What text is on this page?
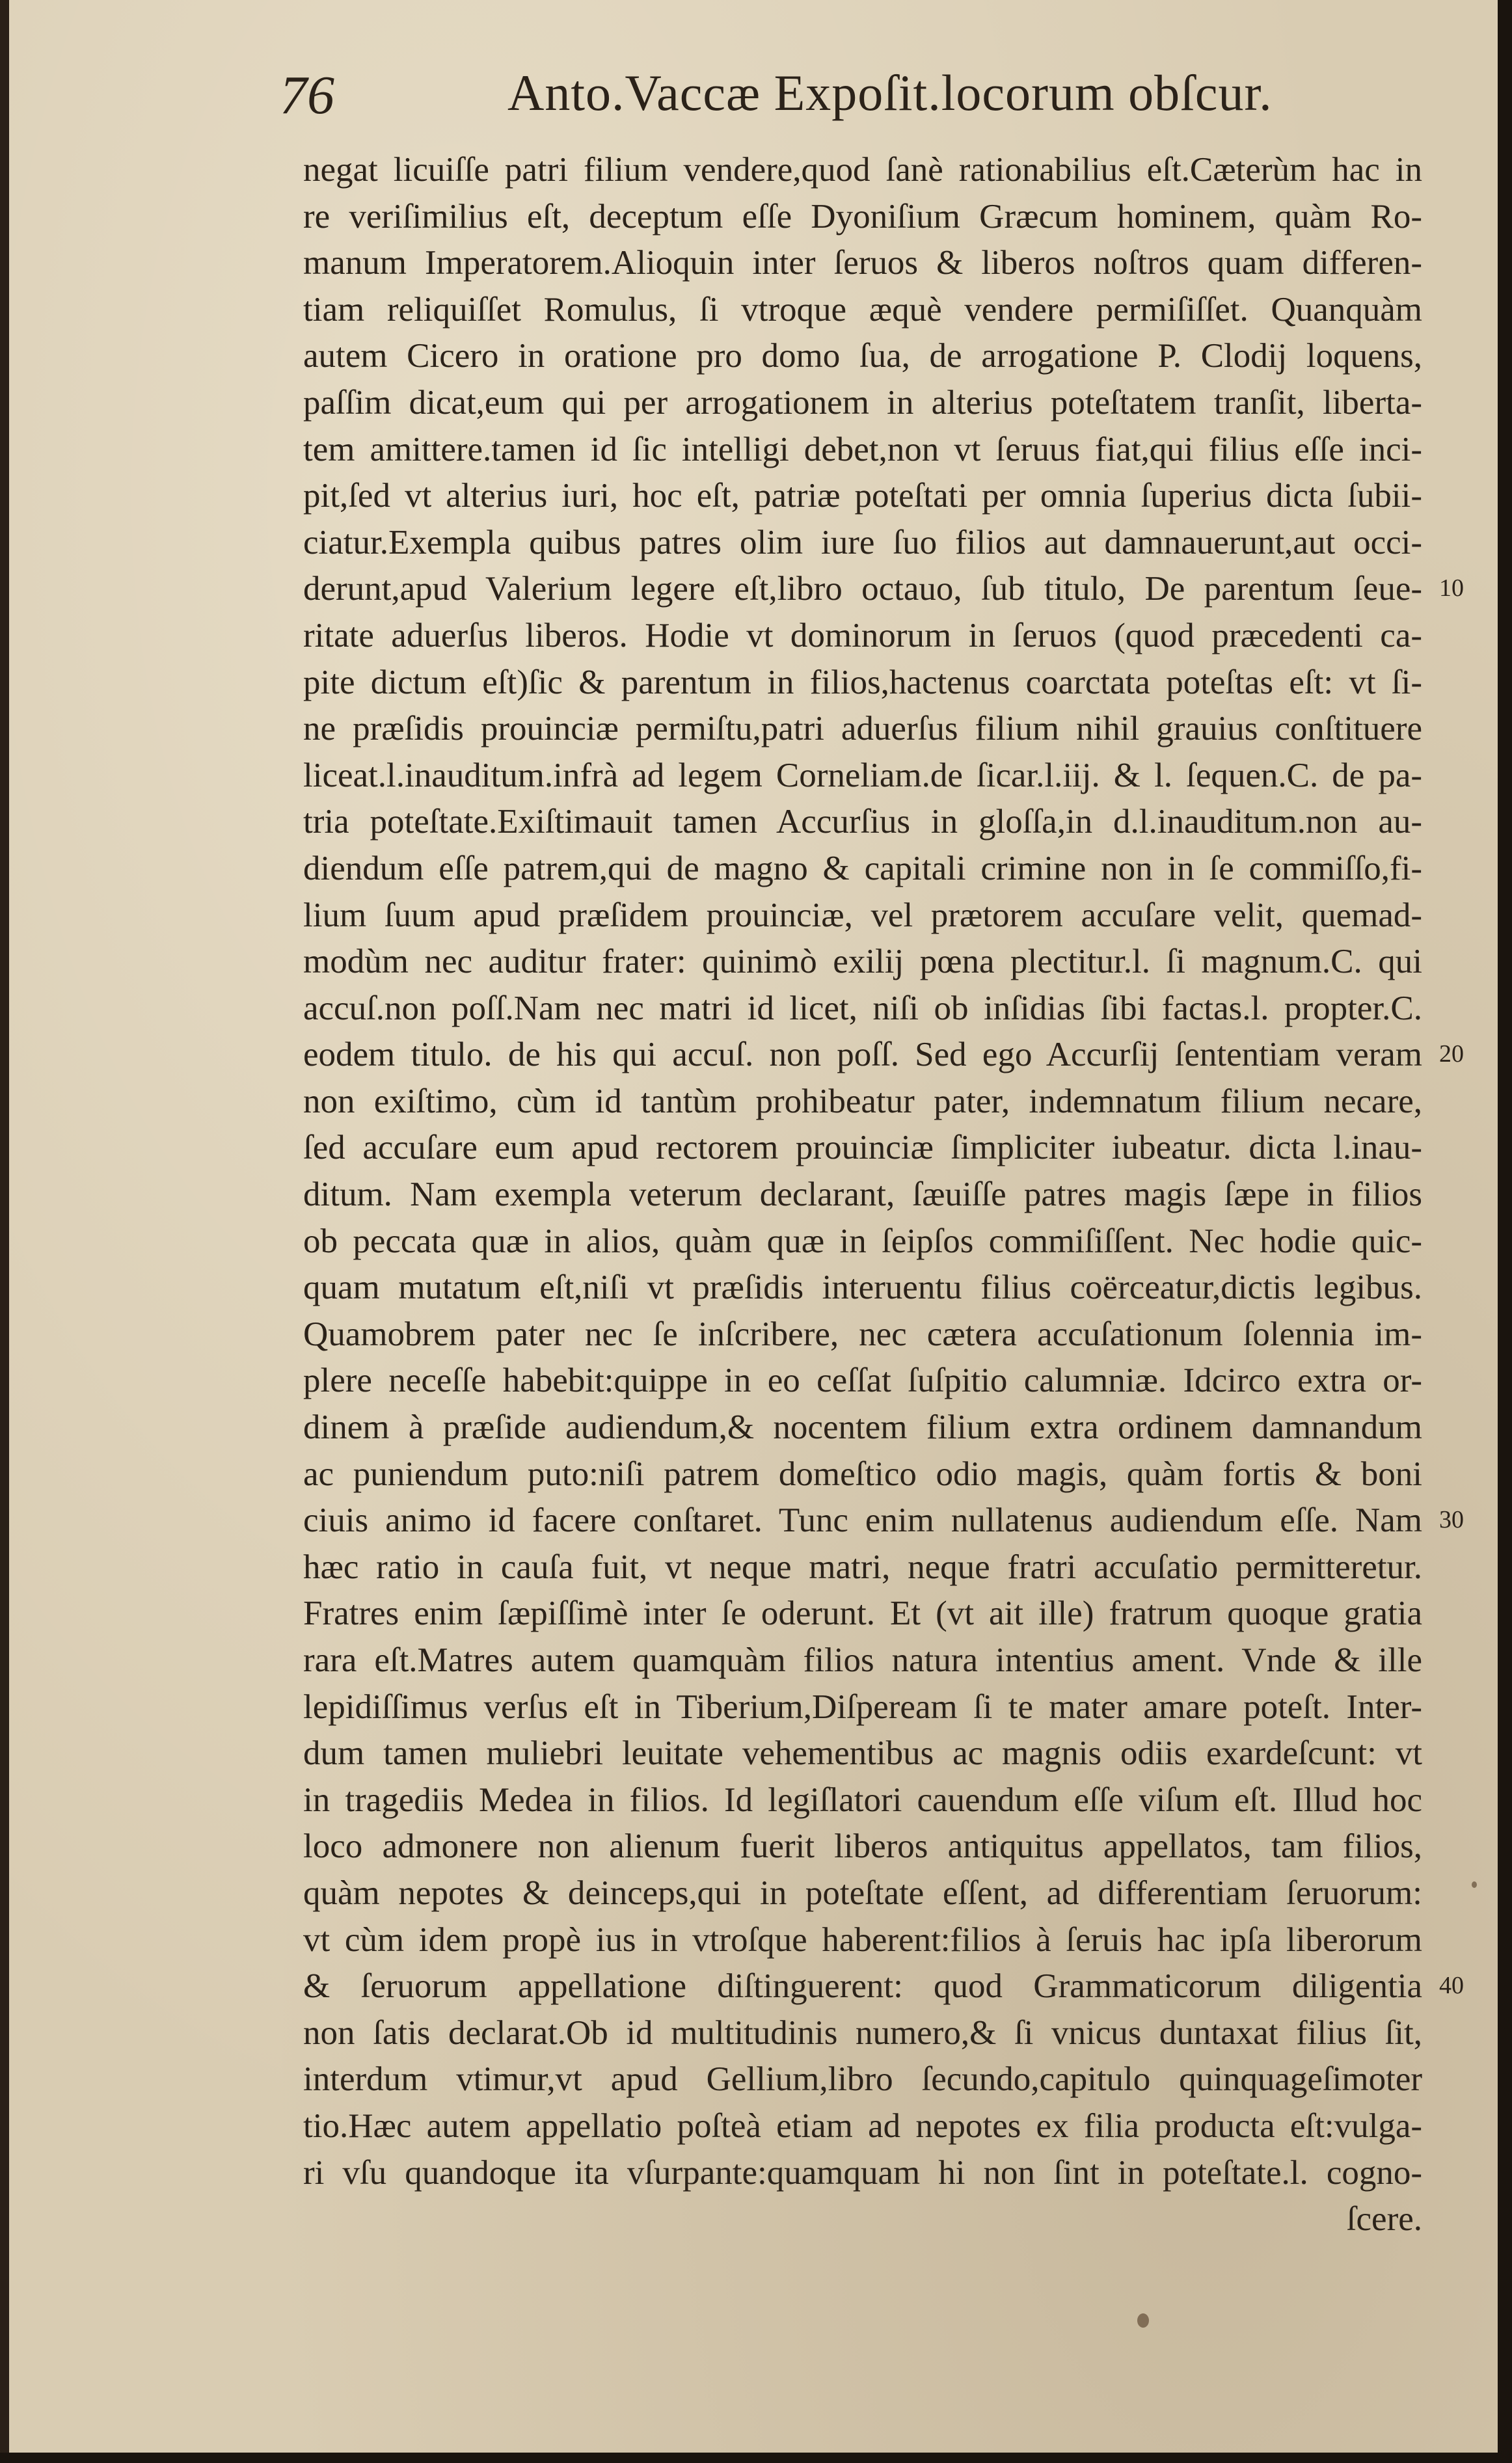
76	Anto.Vaccæ Expoſit.locorum obſcur.
negat licuiſſe patri filium vendere,quod ſanè rationabilius eſt.Cæterùm hac in
re veriſimilius eſt, deceptum eſſe Dyoniſium Græcum hominem, quàm Ro-
manum Imperatorem.Alioquin inter ſeruos & liberos noſtros quam differen-
tiam reliquiſſet Romulus, ſi vtroque æquè vendere permiſiſſet. Quanquàm
autem Cicero in oratione pro domo ſua, de arrogatione P. Clodij loquens,
paſſim dicat,eum qui per arrogationem in alterius poteſtatem tranſit, liberta-
tem amittere.tamen id ſic intelligi debet,non vt ſeruus fiat,qui filius eſſe inci-
pit,ſed vt alterius iuri, hoc eſt, patriæ poteſtati per omnia ſuperius dicta ſubii-
ciatur.Exempla quibus patres olim iure ſuo filios aut damnauerunt,aut occi-
derunt,apud Valerium legere eſt,libro octauo, ſub titulo, De parentum ſeue-
ritate aduerſus liberos. Hodie vt dominorum in ſeruos (quod præcedenti ca-
pite dictum eſt)ſic & parentum in filios,hactenus coarctata poteſtas eſt: vt ſi-
ne præſidis prouinciæ permiſtu,patri aduerſus filium nihil grauius conſtituere
liceat.l.inauditum.infrà ad legem Corneliam.de ſicar.l.iij. & l. ſequen.C. de pa-
tria poteſtate.Exiſtimauit tamen Accurſius in gloſſa,in d.l.inauditum.non au-
diendum eſſe patrem,qui de magno & capitali crimine non in ſe commiſſo,fi-
lium ſuum apud præſidem prouinciæ, vel prætorem accuſare velit, quemad-
modùm nec auditur frater: quinimò exilij pœna plectitur.l. ſi magnum.C. qui
accuſ.non poſſ.Nam nec matri id licet, niſi ob inſidias ſibi factas.l. propter.C.
eodem titulo. de his qui accuſ. non poſſ. Sed ego Accurſij ſententiam veram
non exiſtimo, cùm id tantùm prohibeatur pater, indemnatum filium necare,
ſed accuſare eum apud rectorem prouinciæ ſimpliciter iubeatur. dicta l.inau-
ditum. Nam exempla veterum declarant, ſæuiſſe patres magis ſæpe in filios
ob peccata quæ in alios, quàm quæ in ſeipſos commiſiſſent. Nec hodie quic-
quam mutatum eſt,niſi vt præſidis interuentu filius coërceatur,dictis legibus.
Quamobrem pater nec ſe inſcribere, nec cætera accuſationum ſolennia im-
plere neceſſe habebit:quippe in eo ceſſat ſuſpitio calumniæ. Idcirco extra or-
dinem à præſide audiendum,& nocentem filium extra ordinem damnandum
ac puniendum puto:niſi patrem domeſtico odio magis, quàm fortis & boni
ciuis animo id facere conſtaret. Tunc enim nullatenus audiendum eſſe. Nam
hæc ratio in cauſa fuit, vt neque matri, neque fratri accuſatio permitteretur.
Fratres enim ſæpiſſimè inter ſe oderunt. Et (vt ait ille) fratrum quoque gratia
rara eſt.Matres autem quamquàm filios natura intentius ament. Vnde & ille
lepidiſſimus verſus eſt in Tiberium,Diſpeream ſi te mater amare poteſt. Inter-
dum tamen muliebri leuitate vehementibus ac magnis odiis exardeſcunt: vt
in tragediis Medea in filios. Id legiſlatori cauendum eſſe viſum eſt. Illud hoc
loco admonere non alienum fuerit liberos antiquitus appellatos, tam filios,
quàm nepotes & deinceps,qui in poteſtate eſſent, ad differentiam ſeruorum:
vt cùm idem propè ius in vtroſque haberent:filios à ſeruis hac ipſa liberorum
& ſeruorum appellatione diſtinguerent: quod Grammaticorum diligentia
non ſatis declarat.Ob id multitudinis numero,& ſi vnicus duntaxat filius ſit,
interdum vtimur,vt apud Gellium,libro ſecundo,capitulo quinquageſimoter
tio.Hæc autem appellatio poſteà etiam ad nepotes ex filia producta eſt:vulga-
ri vſu quandoque ita vſurpante:quamquam hi non ſint in poteſtate.l. cogno-
ſcere.
10
20
30
40
